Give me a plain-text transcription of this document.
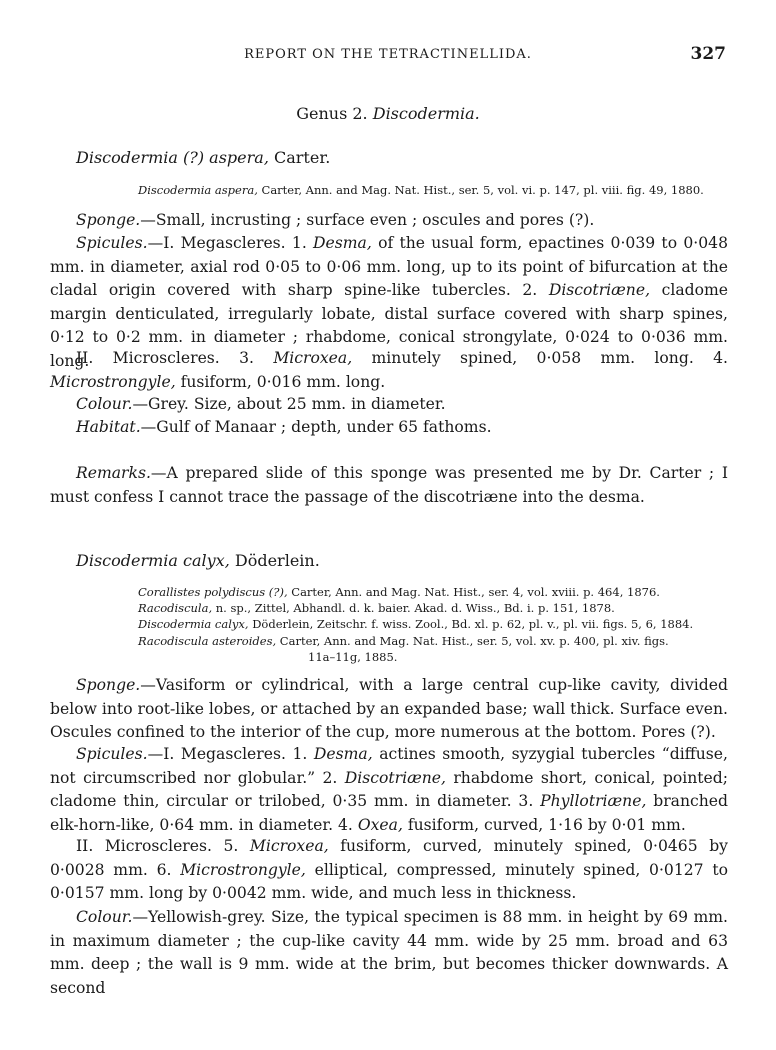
REPORT ON THE TETRACTINELLIDA.	327
Genus 2. Discodermia.
Discodermia (?) aspera, Carter.
Discodermia aspera, Carter, Ann. and Mag. Nat. Hist., ser. 5, vol. vi. p. 147, pl. viii. fig. 49, 1880.

Sponge.—Small, incrusting ; surface even ; oscules and pores (?).

Spicules.—I. Megascleres. 1. Desma, of the usual form, epactines 0·039 to 0·048 mm. in diameter, axial rod 0·05 to 0·06 mm. long, up to its point of bifurcation at the cladal origin covered with sharp spine-like tubercles. 2. Discotriæne, cladome margin denticulated, irregularly lobate, distal surface covered with sharp spines, 0·12 to 0·2 mm. in diameter ; rhabdome, conical strongylate, 0·024 to 0·036 mm. long.

II. Microscleres. 3. Microxea, minutely spined, 0·058 mm. long. 4. Microstrongyle, fusiform, 0·016 mm. long.

Colour.—Grey. Size, about 25 mm. in diameter.

Habitat.—Gulf of Manaar ; depth, under 65 fathoms.

Remarks.—A prepared slide of this sponge was presented me by Dr. Carter ; I must confess I cannot trace the passage of the discotriæne into the desma.

Discodermia calyx, Döderlein.
Corallistes polydiscus (?), Carter, Ann. and Mag. Nat. Hist., ser. 4, vol. xviii. p. 464, 1876.
Racodiscula, n. sp., Zittel, Abhandl. d. k. baier. Akad. d. Wiss., Bd. i. p. 151, 1878.
Discodermia calyx, Döderlein, Zeitschr. f. wiss. Zool., Bd. xl. p. 62, pl. v., pl. vii. figs. 5, 6, 1884.
Racodiscula asteroides, Carter, Ann. and Mag. Nat. Hist., ser. 5, vol. xv. p. 400, pl. xiv. figs.
11a–11g, 1885.

Sponge.—Vasiform or cylindrical, with a large central cup-like cavity, divided below into root-like lobes, or attached by an expanded base; wall thick. Surface even. Oscules confined to the interior of the cup, more numerous at the bottom. Pores (?).

Spicules.—I. Megascleres. 1. Desma, actines smooth, syzygial tubercles “diffuse, not circumscribed nor globular.” 2. Discotriæne, rhabdome short, conical, pointed; cladome thin, circular or trilobed, 0·35 mm. in diameter. 3. Phyllotriæne, branched elk-horn-like, 0·64 mm. in diameter. 4. Oxea, fusiform, curved, 1·16 by 0·01 mm.

II. Microscleres. 5. Microxea, fusiform, curved, minutely spined, 0·0465 by 0·0028 mm. 6. Microstrongyle, elliptical, compressed, minutely spined, 0·0127 to 0·0157 mm. long by 0·0042 mm. wide, and much less in thickness.

Colour.—Yellowish-grey. Size, the typical specimen is 88 mm. in height by 69 mm. in maximum diameter ; the cup-like cavity 44 mm. wide by 25 mm. broad and 63 mm. deep ; the wall is 9 mm. wide at the brim, but becomes thicker downwards. A second
